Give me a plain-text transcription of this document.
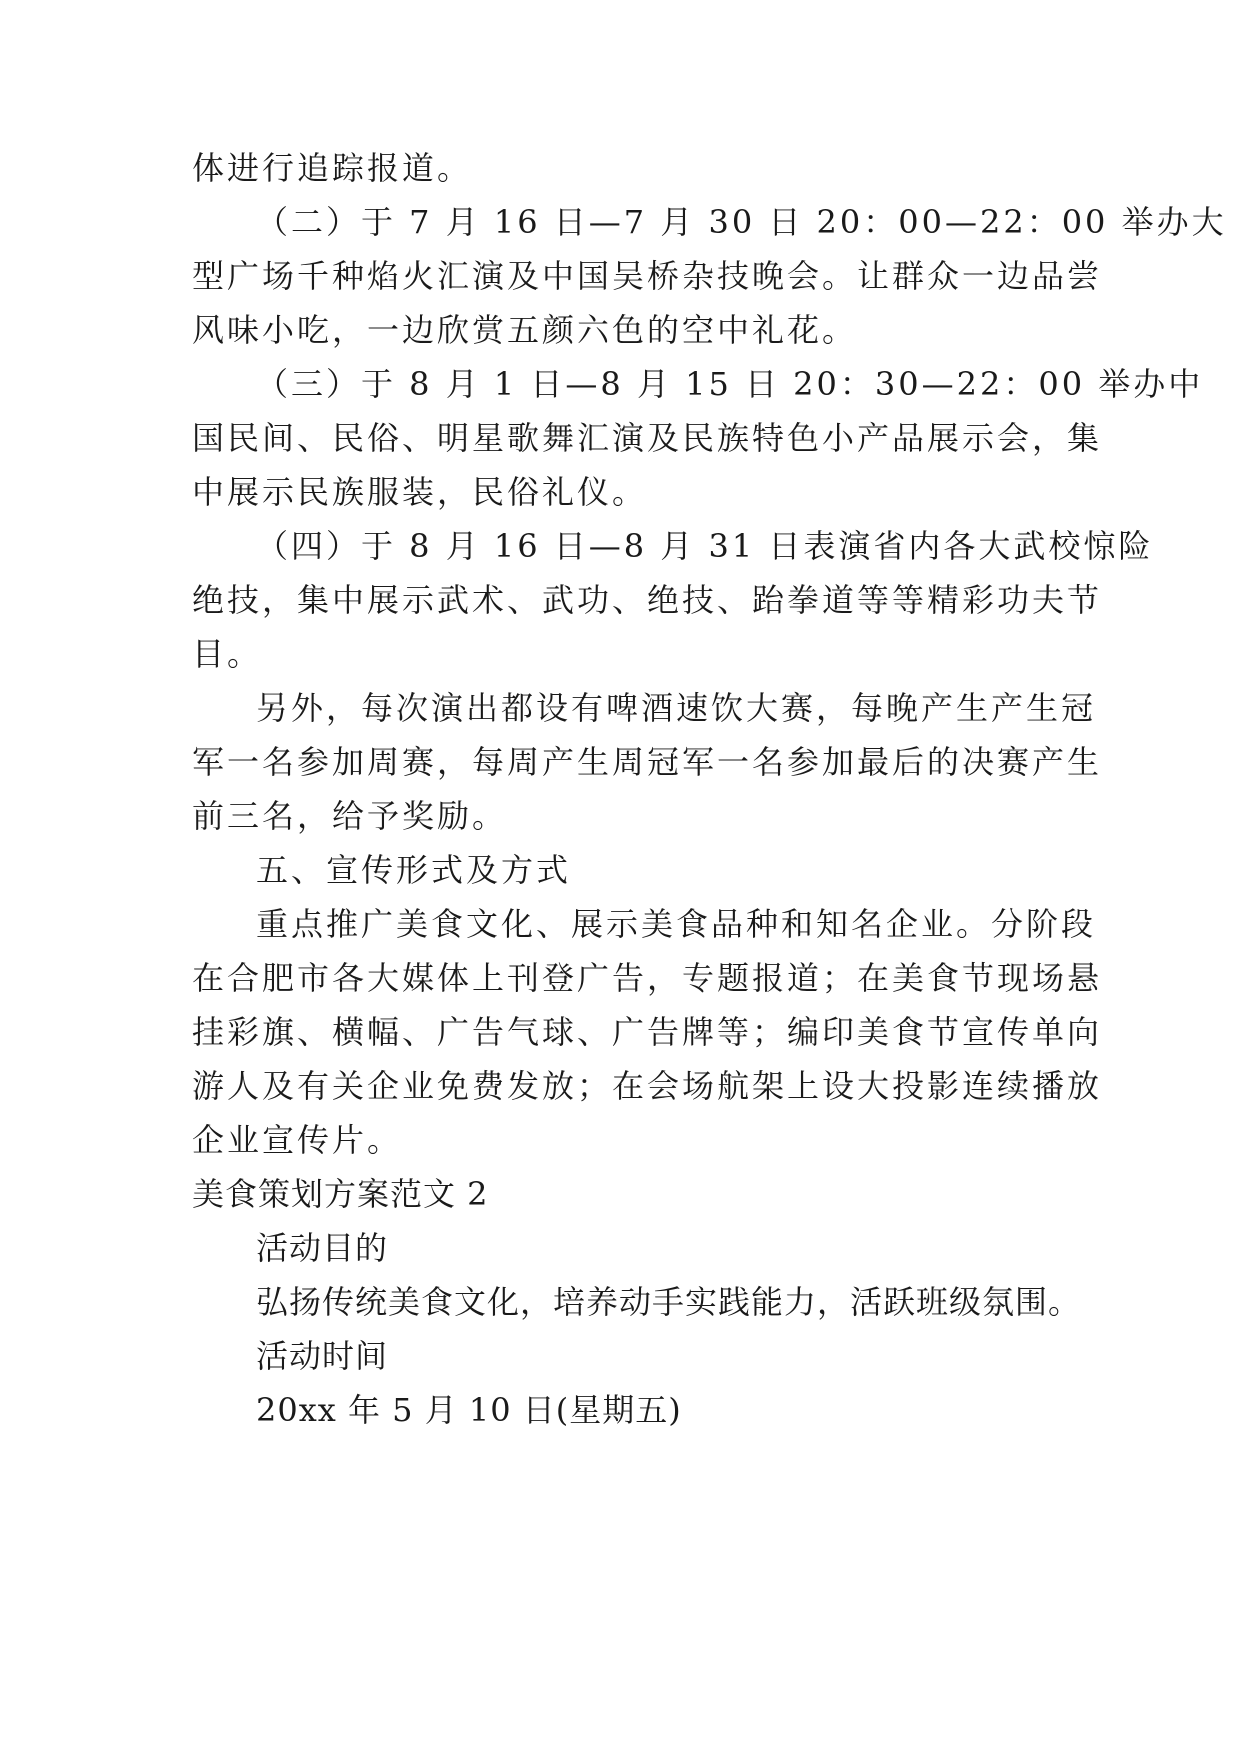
体进行追踪报道。
（二）于 7 月 16 日—7 月 30 日 20：00—22：00 举办大
型广场千种焰火汇演及中国吴桥杂技晚会。让群众一边品尝
风味小吃，一边欣赏五颜六色的空中礼花。
（三）于 8 月 1 日—8 月 15 日 20：30—22：00 举办中
国民间、民俗、明星歌舞汇演及民族特色小产品展示会，集
中展示民族服装，民俗礼仪。
（四）于 8 月 16 日—8 月 31 日表演省内各大武校惊险
绝技，集中展示武术、武功、绝技、跆拳道等等精彩功夫节
目。
另外，每次演出都设有啤酒速饮大赛，每晚产生产生冠
军一名参加周赛，每周产生周冠军一名参加最后的决赛产生
前三名，给予奖励。
五、宣传形式及方式
重点推广美食文化、展示美食品种和知名企业。分阶段
在合肥市各大媒体上刊登广告，专题报道；在美食节现场悬
挂彩旗、横幅、广告气球、广告牌等；编印美食节宣传单向
游人及有关企业免费发放；在会场航架上设大投影连续播放
企业宣传片。
美食策划方案范文 2
活动目的
弘扬传统美食文化，培养动手实践能力，活跃班级氛围。
活动时间
20xx 年 5 月 10 日(星期五)
